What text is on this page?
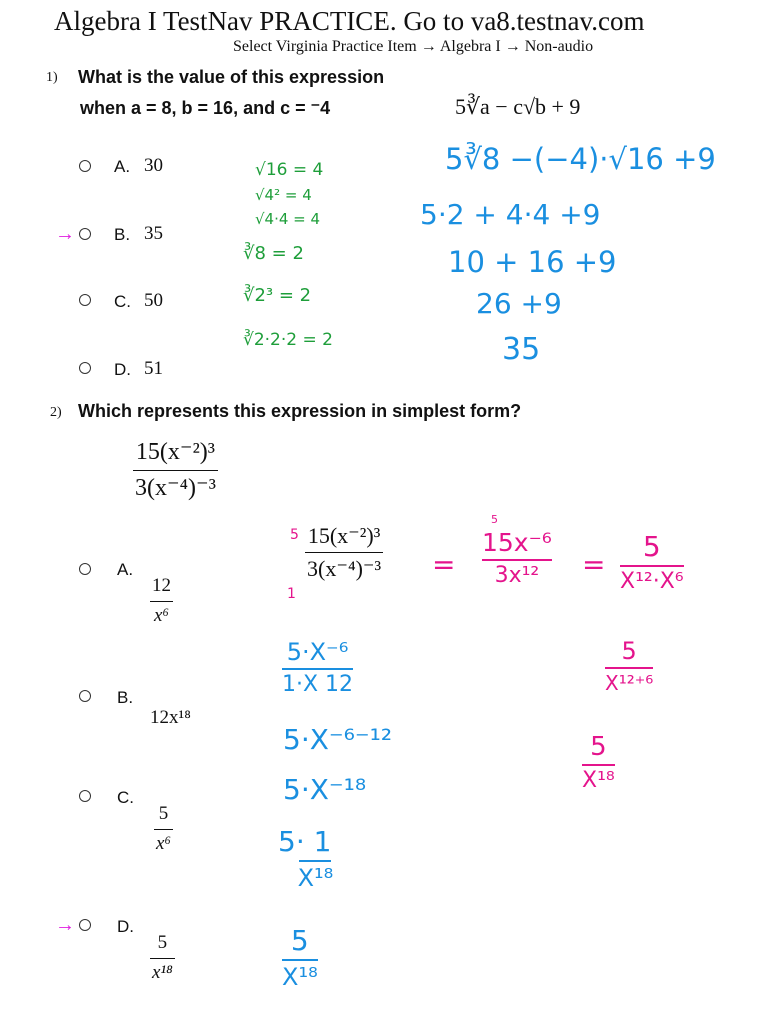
Algebra I TestNav PRACTICE. Go to va8.testnav.com
Select Virginia Practice Item → Algebra I → Non-audio
1) What is the value of this expression
when a = 8, b = 16, and c = ⁻4	5∛a − c√b + 9
A. 30
→ B. 35
C. 50
D. 51
√16 = 4
√4² = 4
√4·4 = 4
∛8 = 2
∛2³ = 2
∛2·2·2 = 2
5∛8 −(−4)·√16 +9
5·2 + 4·4 +9
10 + 16 +9
26 +9
35
2) Which represents this expression in simplest form?
15(x⁻²)³
3(x⁻⁴)⁻³
A.
12
x⁶
B.
12x¹⁸
C.
5
x⁶
→ D.
5
x¹⁸
5
1
15(x⁻²)³
3(x⁻⁴)⁻³ =
5
15x⁻⁶
3x¹² =
5
X¹²·X⁶
5
X¹²⁺⁶
5
X¹⁸
5·X⁻⁶
1·X 12
5·X⁻⁶⁻¹²
5·X⁻¹⁸
5· 1
X¹⁸
5
X¹⁸
